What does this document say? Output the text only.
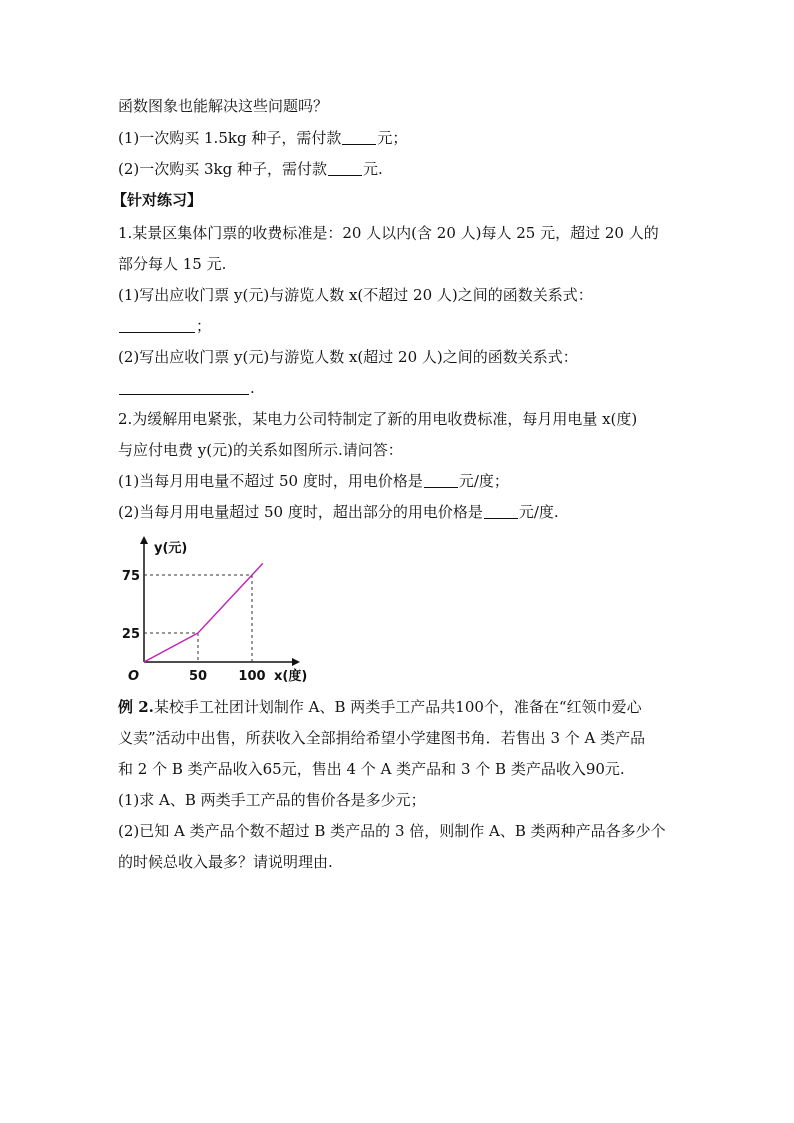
函数图象也能解决这些问题吗？
(1)一次购买 1.5kg 种子，需付款 元；
(2)一次购买 3kg 种子，需付款 元.
【针对练习】
1.某景区集体门票的收费标准是：20 人以内(含 20 人)每人 25 元，超过 20 人的
部分每人 15 元.
(1)写出应收门票 y(元)与游览人数 x(不超过 20 人)之间的函数关系式：
；
(2)写出应收门票 y(元)与游览人数 x(超过 20 人)之间的函数关系式：
.
2.为缓解用电紧张，某电力公司特制定了新的用电收费标准，每月用电量 x(度)
与应付电费 y(元)的关系如图所示.请问答：
(1)当每月用电量不超过 50 度时，用电价格是 元/度；
(2)当每月用电量超过 50 度时，超出部分的用电价格是 元/度.
50 100
25
75
y(元)
x(度)
O
例 2.某校手工社团计划制作 A、B 两类手工产品共100个，准备在“红领巾爱心
义卖”活动中出售，所获收入全部捐给希望小学建图书角．若售出 3 个 A 类产品
和 2 个 B 类产品收入65元，售出 4 个 A 类产品和 3 个 B 类产品收入90元.
(1)求 A、B 两类手工产品的售价各是多少元；
(2)已知 A 类产品个数不超过 B 类产品的 3 倍，则制作 A、B 类两种产品各多少个
的时候总收入最多？请说明理由.
